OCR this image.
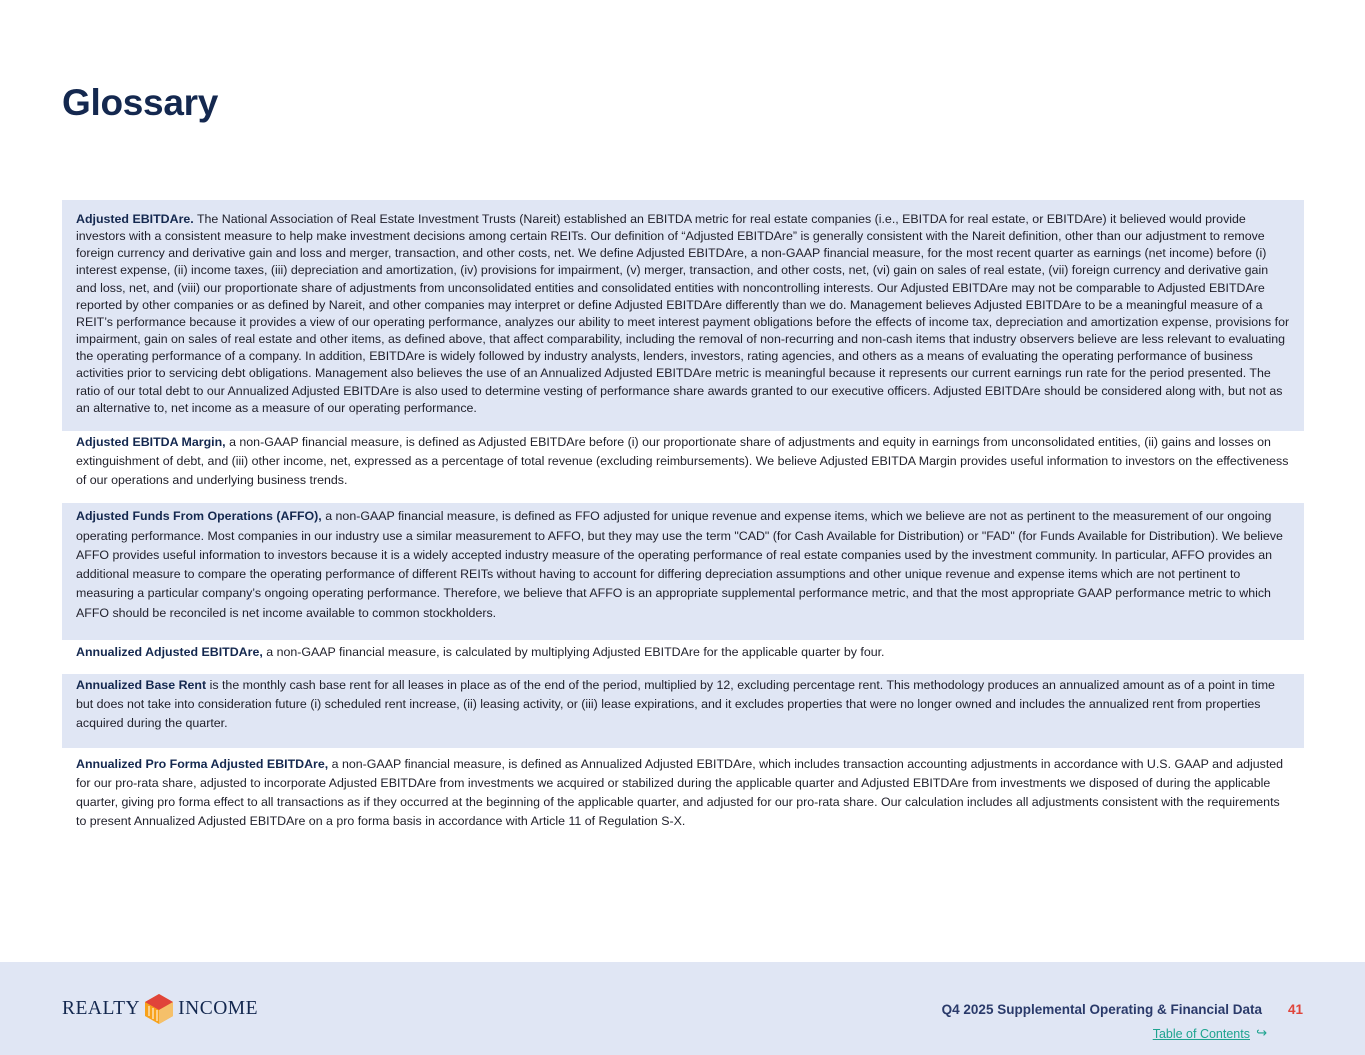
Glossary
Adjusted EBITDAre. The National Association of Real Estate Investment Trusts (Nareit) established an EBITDA metric for real estate companies (i.e., EBITDA for real estate, or EBITDAre) it believed would provide investors with a consistent measure to help make investment decisions among certain REITs. Our definition of “Adjusted EBITDAre” is generally consistent with the Nareit definition, other than our adjustment to remove foreign currency and derivative gain and loss and merger, transaction, and other costs, net. We define Adjusted EBITDAre, a non-GAAP financial measure, for the most recent quarter as earnings (net income) before (i) interest expense, (ii) income taxes, (iii) depreciation and amortization, (iv) provisions for impairment, (v) merger, transaction, and other costs, net, (vi) gain on sales of real estate, (vii) foreign currency and derivative gain and loss, net, and (viii) our proportionate share of adjustments from unconsolidated entities and consolidated entities with noncontrolling interests. Our Adjusted EBITDAre may not be comparable to Adjusted EBITDAre reported by other companies or as defined by Nareit, and other companies may interpret or define Adjusted EBITDAre differently than we do. Management believes Adjusted EBITDAre to be a meaningful measure of a REIT’s performance because it provides a view of our operating performance, analyzes our ability to meet interest payment obligations before the effects of income tax, depreciation and amortization expense, provisions for impairment, gain on sales of real estate and other items, as defined above, that affect comparability, including the removal of non-recurring and non-cash items that industry observers believe are less relevant to evaluating the operating performance of a company. In addition, EBITDAre is widely followed by industry analysts, lenders, investors, rating agencies, and others as a means of evaluating the operating performance of business activities prior to servicing debt obligations. Management also believes the use of an Annualized Adjusted EBITDAre metric is meaningful because it represents our current earnings run rate for the period presented. The ratio of our total debt to our Annualized Adjusted EBITDAre is also used to determine vesting of performance share awards granted to our executive officers. Adjusted EBITDAre should be considered along with, but not as an alternative to, net income as a measure of our operating performance.
Adjusted EBITDA Margin, a non-GAAP financial measure, is defined as Adjusted EBITDAre before (i) our proportionate share of adjustments and equity in earnings from unconsolidated entities, (ii) gains and losses on extinguishment of debt, and (iii) other income, net, expressed as a percentage of total revenue (excluding reimbursements). We believe Adjusted EBITDA Margin provides useful information to investors on the effectiveness of our operations and underlying business trends.
Adjusted Funds From Operations (AFFO), a non-GAAP financial measure, is defined as FFO adjusted for unique revenue and expense items, which we believe are not as pertinent to the measurement of our ongoing operating performance. Most companies in our industry use a similar measurement to AFFO, but they may use the term "CAD" (for Cash Available for Distribution) or "FAD" (for Funds Available for Distribution). We believe AFFO provides useful information to investors because it is a widely accepted industry measure of the operating performance of real estate companies used by the investment community. In particular, AFFO provides an additional measure to compare the operating performance of different REITs without having to account for differing depreciation assumptions and other unique revenue and expense items which are not pertinent to measuring a particular company’s ongoing operating performance. Therefore, we believe that AFFO is an appropriate supplemental performance metric, and that the most appropriate GAAP performance metric to which AFFO should be reconciled is net income available to common stockholders.
Annualized Adjusted EBITDAre, a non-GAAP financial measure, is calculated by multiplying Adjusted EBITDAre for the applicable quarter by four.
Annualized Base Rent is the monthly cash base rent for all leases in place as of the end of the period, multiplied by 12, excluding percentage rent. This methodology produces an annualized amount as of a point in time but does not take into consideration future (i) scheduled rent increase, (ii) leasing activity, or (iii) lease expirations, and it excludes properties that were no longer owned and includes the annualized rent from properties acquired during the quarter.
Annualized Pro Forma Adjusted EBITDAre, a non-GAAP financial measure, is defined as Annualized Adjusted EBITDAre, which includes transaction accounting adjustments in accordance with U.S. GAAP and adjusted for our pro-rata share, adjusted to incorporate Adjusted EBITDAre from investments we acquired or stabilized during the applicable quarter and Adjusted EBITDAre from investments we disposed of during the applicable quarter, giving pro forma effect to all transactions as if they occurred at the beginning of the applicable quarter, and adjusted for our pro-rata share. Our calculation includes all adjustments consistent with the requirements to present Annualized Adjusted EBITDAre on a pro forma basis in accordance with Article 11 of Regulation S-X.
REALTY INCOME	Q4 2025 Supplemental Operating & Financial Data 41
Table of Contents ↪
